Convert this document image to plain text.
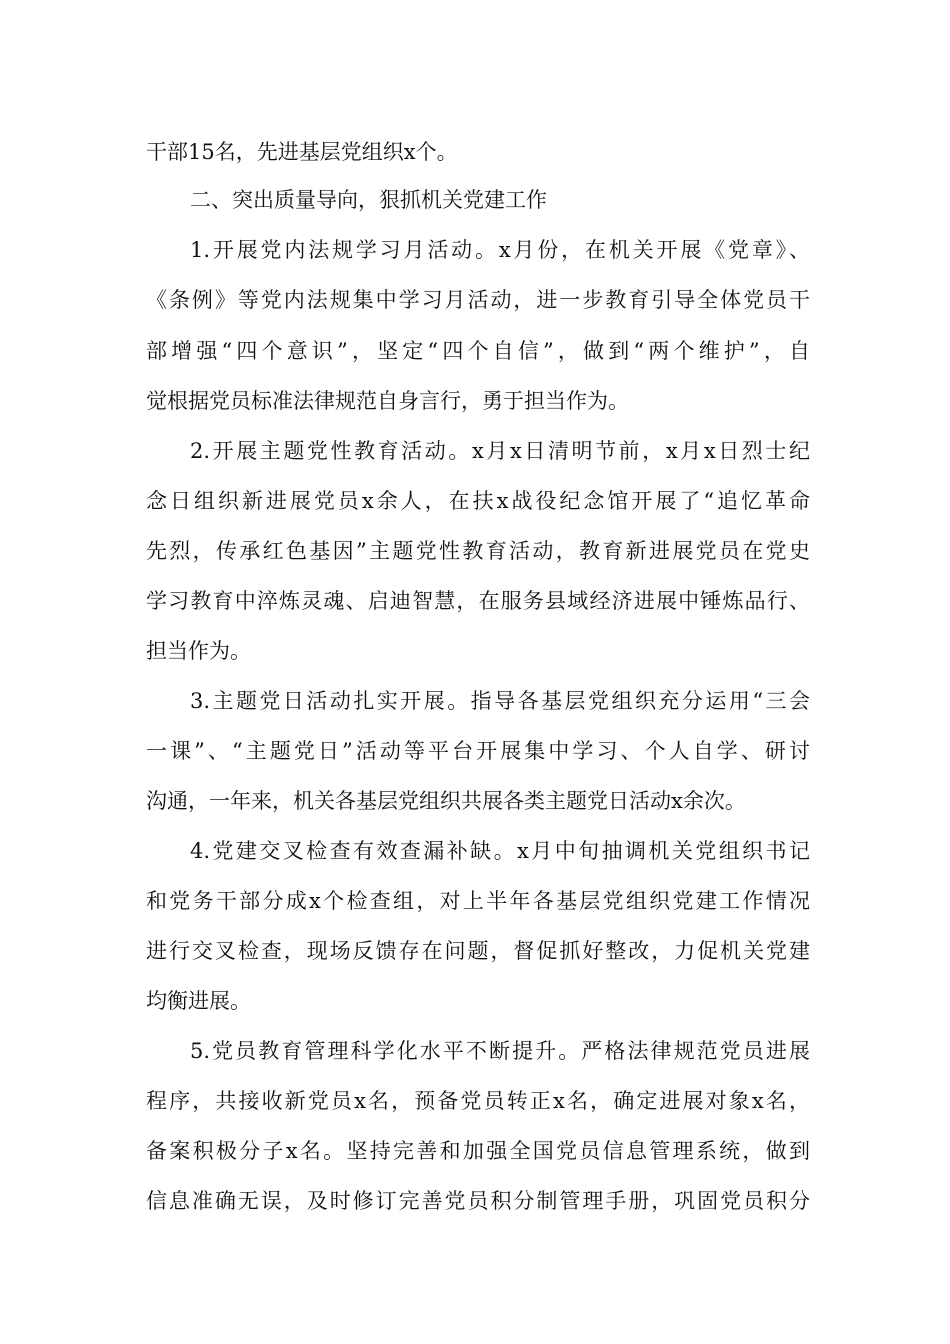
干部15名，先进基层党组织x个。
二、突出质量导向，狠抓机关党建工作
1.开展党内法规学习月活动。x月份，在机关开展《党章》、
《条例》等党内法规集中学习月活动，进一步教育引导全体党员干
部增强“四个意识”，坚定“四个自信”，做到“两个维护”，自
觉根据党员标准法律规范自身言行，勇于担当作为。
2.开展主题党性教育活动。x月x日清明节前，x月x日烈士纪
念日组织新进展党员x余人，在扶x战役纪念馆开展了“追忆革命
先烈，传承红色基因”主题党性教育活动，教育新进展党员在党史
学习教育中淬炼灵魂、启迪智慧，在服务县域经济进展中锤炼品行、
担当作为。
3.主题党日活动扎实开展。指导各基层党组织充分运用“三会
一课”、“主题党日”活动等平台开展集中学习、个人自学、研讨
沟通，一年来，机关各基层党组织共展各类主题党日活动x余次。
4.党建交叉检查有效查漏补缺。x月中旬抽调机关党组织书记
和党务干部分成x个检查组，对上半年各基层党组织党建工作情况
进行交叉检查，现场反馈存在问题，督促抓好整改，力促机关党建
均衡进展。
5.党员教育管理科学化水平不断提升。严格法律规范党员进展
程序，共接收新党员x名，预备党员转正x名，确定进展对象x名，
备案积极分子x名。坚持完善和加强全国党员信息管理系统，做到
信息准确无误，及时修订完善党员积分制管理手册，巩固党员积分
